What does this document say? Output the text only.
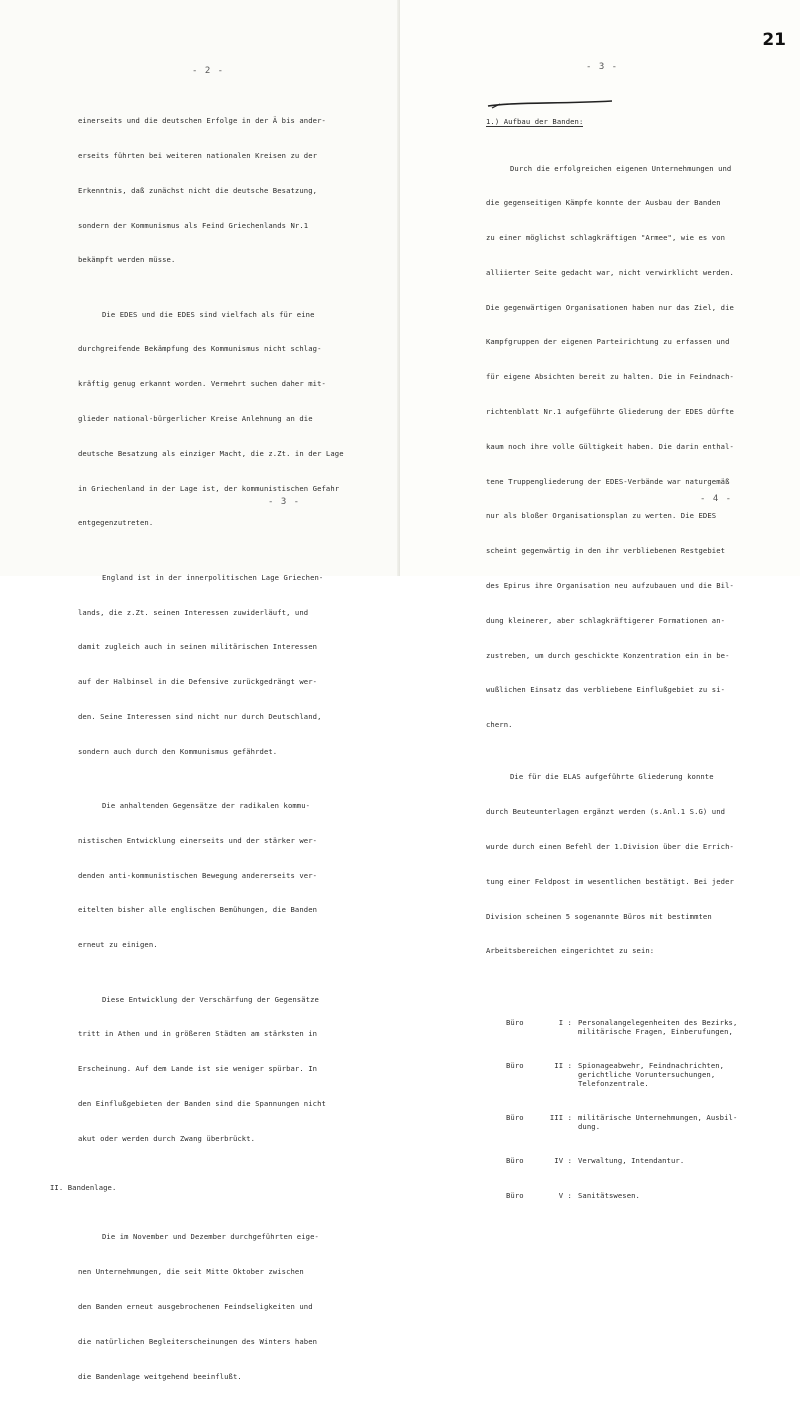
- 2 -

einerseits und die deutschen Erfolge in der Ä bis ander-

erseits führten bei weiteren nationalen Kreisen zu der

Erkenntnis, daß zunächst nicht die deutsche Besatzung,

sondern der Kommunismus als Feind Griechenlands Nr.1

bekämpft werden müsse.

Die EDES und die EDES sind vielfach als für eine

durchgreifende Bekämpfung des Kommunismus nicht schlag-

kräftig genug erkannt worden. Vermehrt suchen daher mit-

glieder national-bürgerlicher Kreise Anlehnung an die

deutsche Besatzung als einziger Macht, die z.Zt. in der Lage

in Griechenland in der Lage ist, der kommunistischen Gefahr

entgegenzutreten.

England ist in der innerpolitischen Lage Griechen-

lands, die z.Zt. seinen Interessen zuwiderläuft, und

damit zugleich auch in seinen militärischen Interessen

auf der Halbinsel in die Defensive zurückgedrängt wer-

den. Seine Interessen sind nicht nur durch Deutschland,

sondern auch durch den Kommunismus gefährdet.

Die anhaltenden Gegensätze der radikalen kommu-

nistischen Entwicklung einerseits und der stärker wer-

denden anti-kommunistischen Bewegung andererseits ver-

eitelten bisher alle englischen Bemühungen, die Banden

erneut zu einigen.

Diese Entwicklung der Verschärfung der Gegensätze

tritt in Athen und in größeren Städten am stärksten in

Erscheinung. Auf dem Lande ist sie weniger spürbar. In

den Einflußgebieten der Banden sind die Spannungen nicht

akut oder werden durch Zwang überbrückt.

II. Bandenlage.

Die im November und Dezember durchgeführten eige-

nen Unternehmungen, die seit Mitte Oktober zwischen

den Banden erneut ausgebrochenen Feindseligkeiten und

die natürlichen Begleiterscheinungen des Winters haben

die Bandenlage weitgehend beeinflußt.

- 3 -
21
- 3 -

1.) Aufbau der Banden:

Durch die erfolgreichen eigenen Unternehmungen und

die gegenseitigen Kämpfe konnte der Ausbau der Banden

zu einer möglichst schlagkräftigen "Armee", wie es von

alliierter Seite gedacht war, nicht verwirklicht werden.

Die gegenwärtigen Organisationen haben nur das Ziel, die

Kampfgruppen der eigenen Parteirichtung zu erfassen und

für eigene Absichten bereit zu halten. Die in Feindnach-

richtenblatt Nr.1 aufgeführte Gliederung der EDES dürfte

kaum noch ihre volle Gültigkeit haben. Die darin enthal-

tene Truppengliederung der EDES-Verbände war naturgemäß

nur als bloßer Organisationsplan zu werten. Die EDES

scheint gegenwärtig in den ihr verbliebenen Restgebiet

des Epirus ihre Organisation neu aufzubauen und die Bil-

dung kleinerer, aber schlagkräftigerer Formationen an-

zustreben, um durch geschickte Konzentration ein in be-

wußlichen Einsatz das verbliebene Einflußgebiet zu si-

chern.

Die für die ELAS aufgeführte Gliederung konnte

durch Beuteunterlagen ergänzt werden (s.Anl.1 S.G) und

wurde durch einen Befehl der 1.Division über die Errich-

tung einer Feldpost im wesentlichen bestätigt. Bei jeder

Division scheinen 5 sogenannte Büros mit bestimmten

Arbeitsbereichen eingerichtet zu sein:

Büro	I : Personalangelegenheiten des Bezirks,
militärische Fragen, Einberufungen,

Büro	II : Spionageabwehr, Feindnachrichten,
gerichtliche Voruntersuchungen,
Telefonzentrale.

Büro	III : militärische Unternehmungen, Ausbil-
dung.

Büro	IV : Verwaltung, Intendantur.

Büro	V : Sanitätswesen.

- 4 -
